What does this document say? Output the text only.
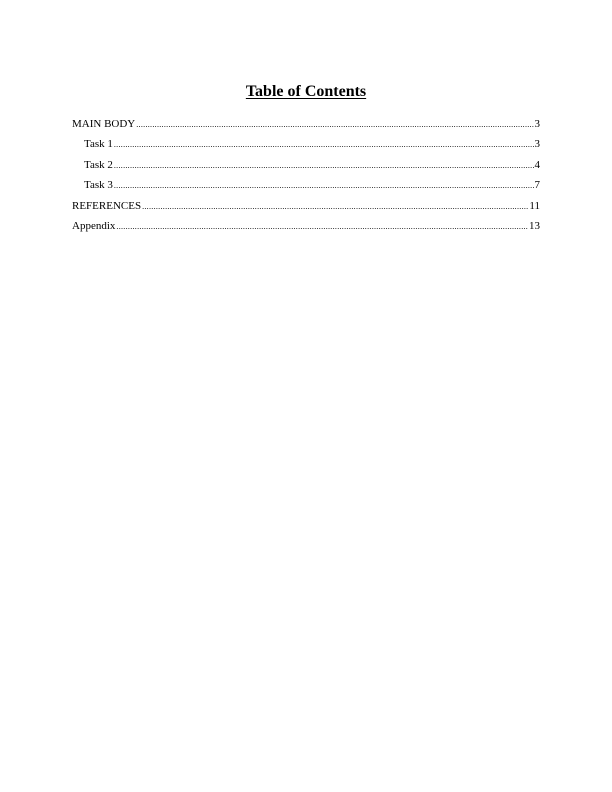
Table of Contents
MAIN BODY .....	3
Task 1 .....	3
Task 2 .....	4
Task 3 .....	7
REFERENCES .....	11
Appendix .....	13
